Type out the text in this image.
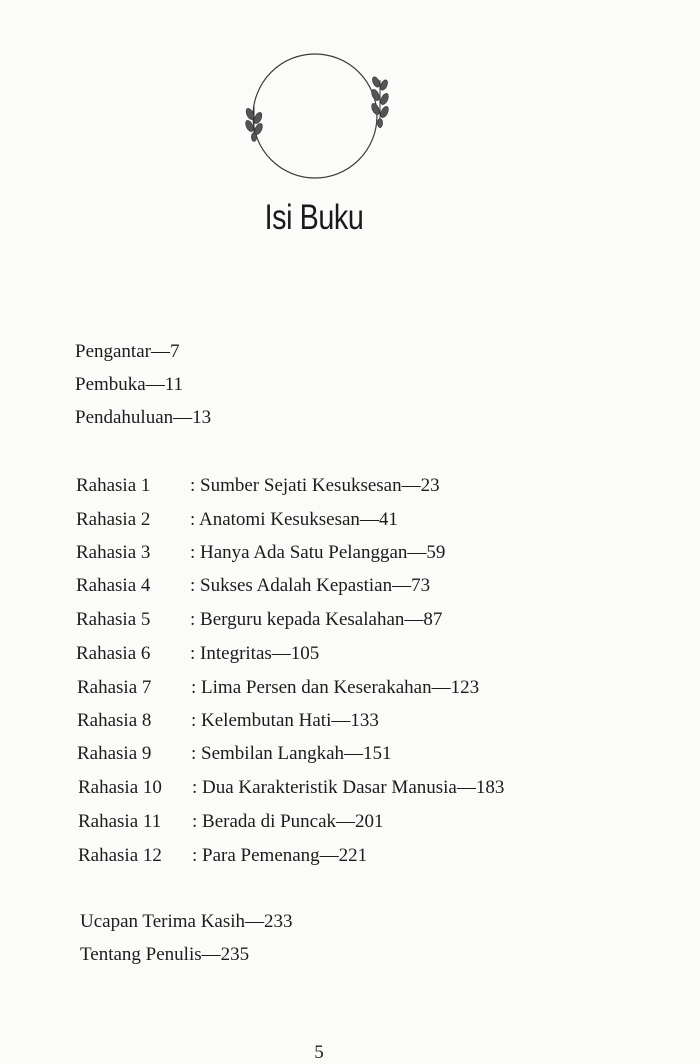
Isi Buku
Pengantar—7
Pembuka—11
Pendahuluan—13
Rahasia 1 : Sumber Sejati Kesuksesan—23
Rahasia 2 : Anatomi Kesuksesan—41
Rahasia 3 : Hanya Ada Satu Pelanggan—59
Rahasia 4 : Sukses Adalah Kepastian—73
Rahasia 5 : Berguru kepada Kesalahan—87
Rahasia 6 : Integritas—105
Rahasia 7 : Lima Persen dan Keserakahan—123
Rahasia 8 : Kelembutan Hati—133
Rahasia 9 : Sembilan Langkah—151
Rahasia 10 : Dua Karakteristik Dasar Manusia—183
Rahasia 11 : Berada di Puncak—201
Rahasia 12 : Para Pemenang—221
Ucapan Terima Kasih—233
Tentang Penulis—235
5
